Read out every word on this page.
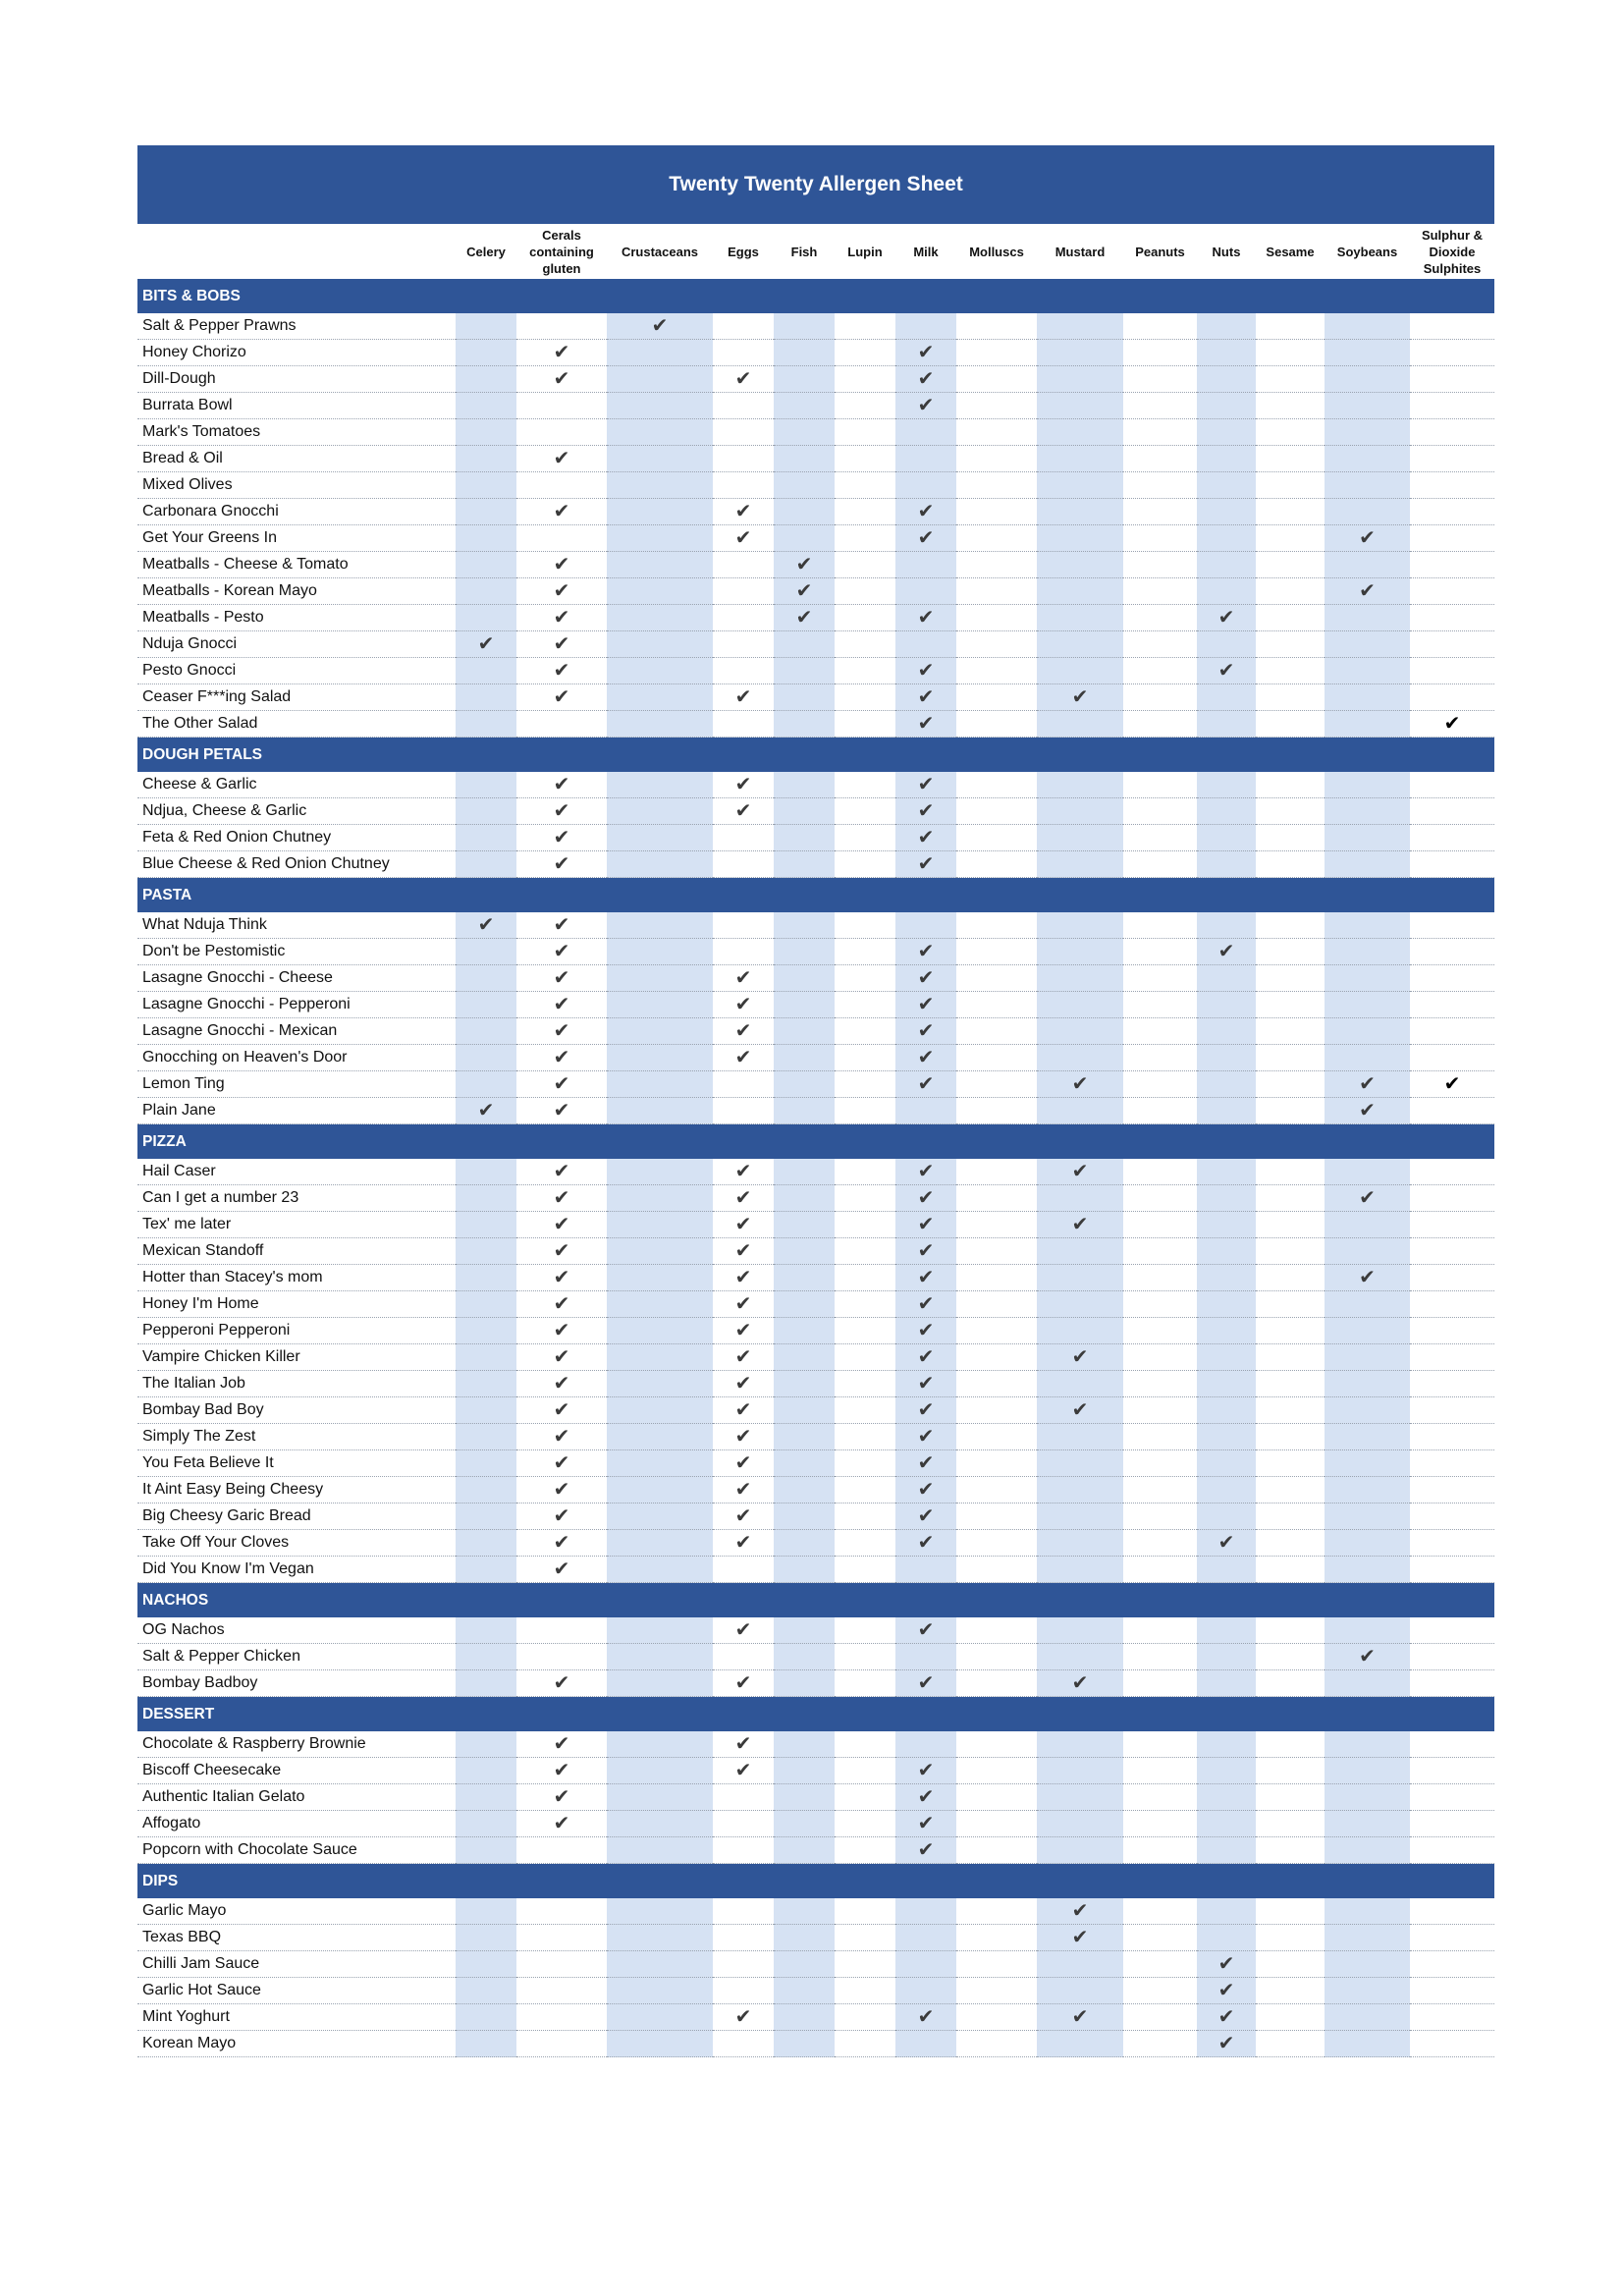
Twenty Twenty Allergen Sheet
	Celery	Cerals containing gluten	Crustaceans	Eggs	Fish	Lupin	Milk	Molluscs	Mustard	Peanuts	Nuts	Sesame	Soybeans	Sulphur & Dioxide Sulphites
BITS & BOBS														
Salt & Pepper Prawns			✔											
Honey Chorizo		✔					✔							
Dill-Dough		✔		✔			✔							
Burrata Bowl							✔							
Mark's Tomatoes														
Bread & Oil		✔												
Mixed Olives														
Carbonara Gnocchi		✔		✔			✔							
Get Your Greens In				✔			✔						✔	
Meatballs - Cheese & Tomato		✔			✔									
Meatballs - Korean Mayo		✔			✔								✔	
Meatballs - Pesto		✔			✔		✔				✔			
Nduja Gnocci	✔	✔												
Pesto Gnocci		✔					✔				✔			
Ceaser F***ing Salad		✔		✔			✔		✔					
The Other Salad							✔							✔
DOUGH PETALS														
Cheese & Garlic		✔		✔			✔							
Ndjua, Cheese & Garlic		✔		✔			✔							
Feta & Red Onion Chutney		✔					✔							
Blue Cheese & Red Onion Chutney		✔					✔							
PASTA														
What Nduja Think	✔	✔												
Don't be Pestomistic		✔					✔				✔			
Lasagne Gnocchi - Cheese		✔		✔			✔							
Lasagne Gnocchi - Pepperoni		✔		✔			✔							
Lasagne Gnocchi - Mexican		✔		✔			✔							
Gnocching on Heaven's Door		✔		✔			✔							
Lemon Ting		✔					✔		✔				✔	✔
Plain Jane	✔	✔											✔	
PIZZA														
Hail Caser		✔		✔			✔		✔					
Can I get a number 23		✔		✔			✔						✔	
Tex' me later		✔		✔			✔		✔					
Mexican Standoff		✔		✔			✔							
Hotter than Stacey's mom		✔		✔			✔						✔	
Honey I'm Home		✔		✔			✔							
Pepperoni Pepperoni		✔		✔			✔							
Vampire Chicken Killer		✔		✔			✔		✔					
The Italian Job		✔		✔			✔							
Bombay Bad Boy		✔		✔			✔		✔					
Simply The Zest		✔		✔			✔							
You Feta Believe It		✔		✔			✔							
It Aint Easy Being Cheesy		✔		✔			✔							
Big Cheesy Garic Bread		✔		✔			✔							
Take Off Your Cloves		✔		✔			✔				✔			
Did You Know I'm Vegan		✔												
NACHOS														
OG Nachos				✔			✔							
Salt & Pepper Chicken													✔	
Bombay Badboy		✔		✔			✔		✔					
DESSERT														
Chocolate & Raspberry Brownie		✔		✔										
Biscoff Cheesecake		✔		✔			✔							
Authentic Italian Gelato		✔					✔							
Affogato		✔					✔							
Popcorn with Chocolate Sauce							✔							
DIPS														
Garlic Mayo									✔					
Texas BBQ									✔					
Chilli Jam Sauce											✔			
Garlic Hot Sauce											✔			
Mint Yoghurt				✔			✔		✔		✔			
Korean Mayo											✔			
